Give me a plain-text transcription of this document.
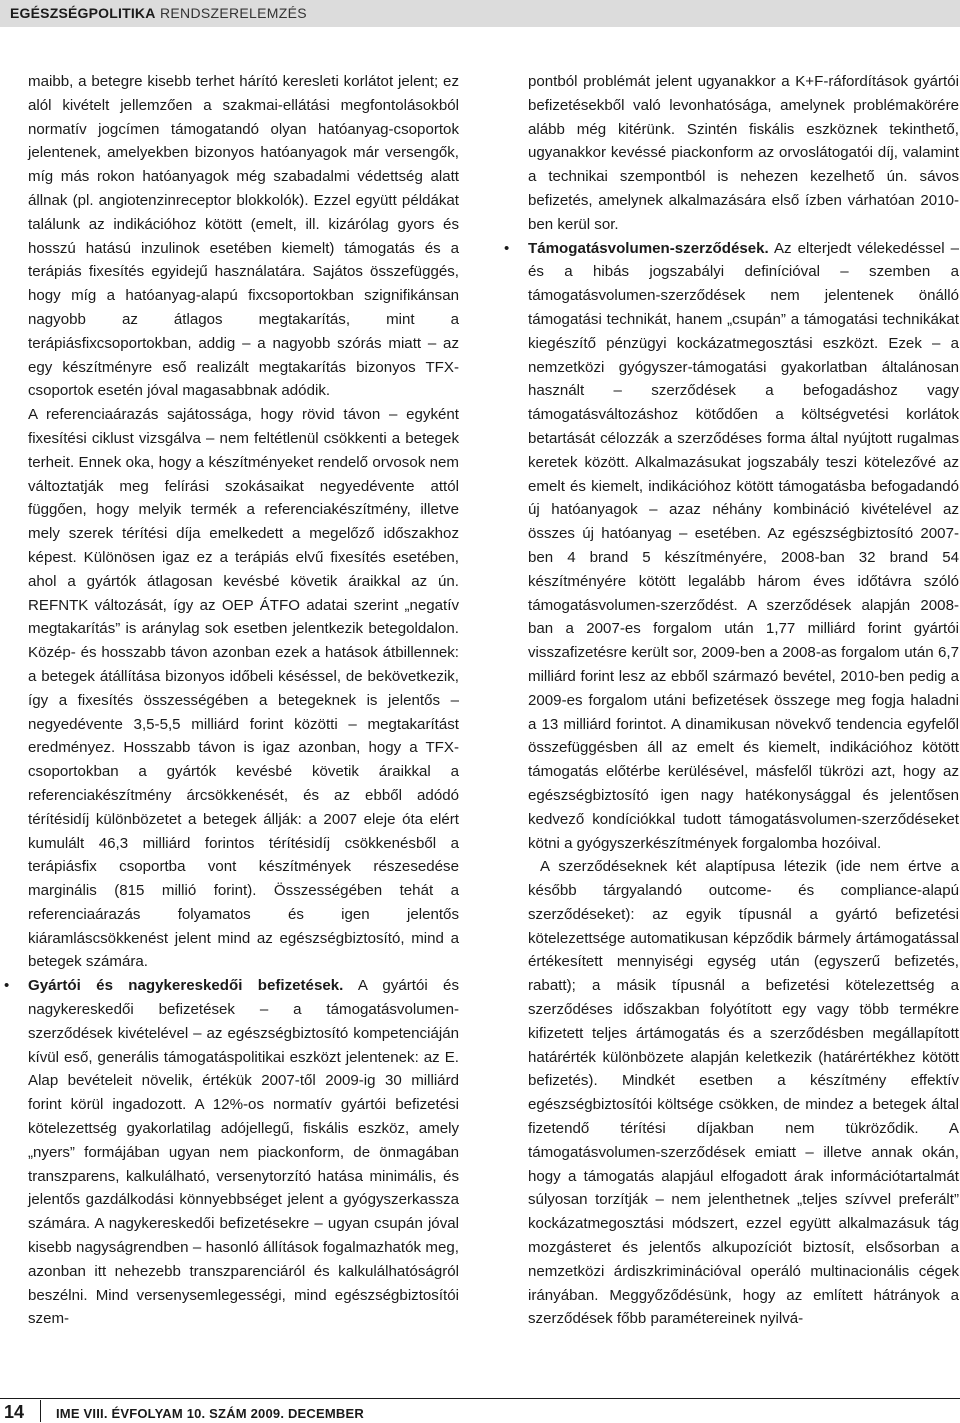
EGÉSZSÉGPOLITIKA RENDSZERELEMZÉS

maibb, a betegre kisebb terhet hárító keresleti korlátot jelent; ez alól kivételt jellemzően a szakmai-ellátási megfontolásokból normatív jogcímen támogatandó olyan hatóanyag-csoportok jelentenek, amelyekben bizonyos hatóanyagok már versengők, míg más rokon hatóanyagok még szabadalmi védettség alatt állnak (pl. angiotenzinreceptor blokkolók). Ezzel együtt példákat találunk az indikációhoz kötött (emelt, ill. kizárólag gyors és hosszú hatású inzulinok esetében kiemelt) támogatás és a terápiás fixesítés egyidejű használatára. Sajátos összefüggés, hogy míg a hatóanyag-alapú fixcsoportokban szignifikánsan nagyobb az átlagos megtakarítás, mint a terápiásfixcsoportokban, addig – a nagyobb szórás miatt – az egy készítményre eső realizált megtakarítás bizonyos TFX-csoportok esetén jóval magasabbnak adódik.

A referenciaárazás sajátossága, hogy rövid távon – egyként fixesítési ciklust vizsgálva – nem feltétlenül csökkenti a betegek terheit. Ennek oka, hogy a készítményeket rendelő orvosok nem változtatják meg felírási szokásaikat negyedévente attól függően, hogy melyik termék a referenciakészítmény, illetve mely szerek térítési díja emelkedett a megelőző időszakhoz képest. Különösen igaz ez a terápiás elvű fixesítés esetében, ahol a gyártók átlagosan kevésbé követik áraikkal az ún. REFNTK változását, így az OEP ÁTFO adatai szerint „negatív megtakarítás” is aránylag sok esetben jelentkezik betegoldalon. Közép- és hosszabb távon azonban ezek a hatások átbillennek: a betegek átállítása bizonyos időbeli késéssel, de bekövetkezik, így a fixesítés összességében a betegeknek is jelentős – negyedévente 3,5-5,5 milliárd forint közötti – megtakarítást eredményez. Hosszabb távon is igaz azonban, hogy a TFX-csoportokban a gyártók kevésbé követik áraikkal a referenciakészítmény árcsökkenését, és az ebből adódó térítésidíj különbözetet a betegek állják: a 2007 eleje óta elért kumulált 46,3 milliárd forintos térítésidíj csökkenésből a terápiásfix csoportba vont készítmények részesedése marginális (815 millió forint). Összességében tehát a referenciaárazás folyamatos és igen jelentős kiáramláscsökkenést jelent mind az egészségbiztosító, mind a betegek számára.

• Gyártói és nagykereskedői befizetések. A gyártói és nagykereskedői befizetések – a támogatásvolumen-szerződések kivételével – az egészségbiztosító kompetenciáján kívül eső, generális támogatáspolitikai eszközt jelentenek: az E. Alap bevételeit növelik, értékük 2007-től 2009-ig 30 milliárd forint körül ingadozott. A 12%-os normatív gyártói befizetési kötelezettség gyakorlatilag adójellegű, fiskális eszköz, amely „nyers” formájában ugyan nem piackonform, de önmagában transzparens, kalkulálható, versenytorzító hatása minimális, és jelentős gazdálkodási könnyebbséget jelent a gyógyszerkassza számára. A nagykereskedői befizetésekre – ugyan csupán jóval kisebb nagyságrendben – hasonló állítások fogalmazhatók meg, azonban itt nehezebb transzparenciáról és kalkulálhatóságról beszélni. Mind versenysemlegességi, mind egészségbiztosítói szem-

pontból problémát jelent ugyanakkor a K+F-ráfordítások gyártói befizetésekből való levonhatósága, amelynek problémakörére alább még kitérünk. Szintén fiskális eszköznek tekinthető, ugyanakkor kevéssé piackonform az orvoslátogatói díj, valamint a technikai szempontból is nehezen kezelhető ún. sávos befizetés, amelynek alkalmazására első ízben várhatóan 2010-ben kerül sor.

• Támogatásvolumen-szerződések. Az elterjedt vélekedéssel – és a hibás jogszabályi definícióval – szemben a támogatásvolumen-szerződések nem jelentenek önálló támogatási technikát, hanem „csupán” a támogatási technikákat kiegészítő pénzügyi kockázatmegosztási eszközt. Ezek – a nemzetközi gyógyszer-támogatási gyakorlatban általánosan használt – szerződések a befogadáshoz vagy támogatásváltozáshoz kötődően a költségvetési korlátok betartását célozzák a szerződéses forma által nyújtott rugalmas keretek között. Alkalmazásukat jogszabály teszi kötelezővé az emelt és kiemelt, indikációhoz kötött támogatásba befogadandó új hatóanyagok – azaz néhány kombináció kivételével az összes új hatóanyag – esetében. Az egészségbiztosító 2007-ben 4 brand 5 készítményére, 2008-ban 32 brand 54 készítményére kötött legalább három éves időtávra szóló támogatásvolumen-szerződést. A szerződések alapján 2008-ban a 2007-es forgalom után 1,77 milliárd forint gyártói visszafizetésre került sor, 2009-ben a 2008-as forgalom után 6,7 milliárd forint lesz az ebből származó bevétel, 2010-ben pedig a 2009-es forgalom utáni befizetések összege meg fogja haladni a 13 milliárd forintot. A dinamikusan növekvő tendencia egyfelől összefüggésben áll az emelt és kiemelt, indikációhoz kötött támogatás előtérbe kerülésével, másfelől tükrözi azt, hogy az egészségbiztosító igen nagy hatékonysággal és jelentősen kedvező kondíciókkal tudott támogatásvolumen-szerződéseket kötni a gyógyszerkészítmények forgalomba hozóival.

A szerződéseknek két alaptípusa létezik (ide nem értve a később tárgyalandó outcome- és compliance-alapú szerződéseket): az egyik típusnál a gyártó befizetési kötelezettsége automatikusan képződik bármely ártámogatással értékesített mennyiségi egység után (egyszerű befizetés, rabatt); a másik típusnál a befizetési kötelezettség a szerződéses időszakban folyótított egy vagy több termékre kifizetett teljes ártámogatás és a szerződésben megállapított határérték különbözete alapján keletkezik (határértékhez kötött befizetés). Mindkét esetben a készítmény effektív egészségbiztosítói költsége csökken, de mindez a betegek által fizetendő térítési díjakban nem tükröződik. A támogatásvolumen-szerződések emiatt – illetve annak okán, hogy a támogatás alapjául elfogadott árak információtartalmát súlyosan torzítják – nem jelenthetnek „teljes szívvel preferált” kockázatmegosztási módszert, ezzel együtt alkalmazásuk tág mozgásteret és jelentős alkupozíciót biztosít, elsősorban a nemzetközi árdiszkriminációval operáló multinacionális cégek irányában. Meggyőződésünk, hogy az említett hátrányok a szerződések főbb paramétereinek nyilvá-

14 IME VIII. ÉVFOLYAM 10. SZÁM 2009. DECEMBER
